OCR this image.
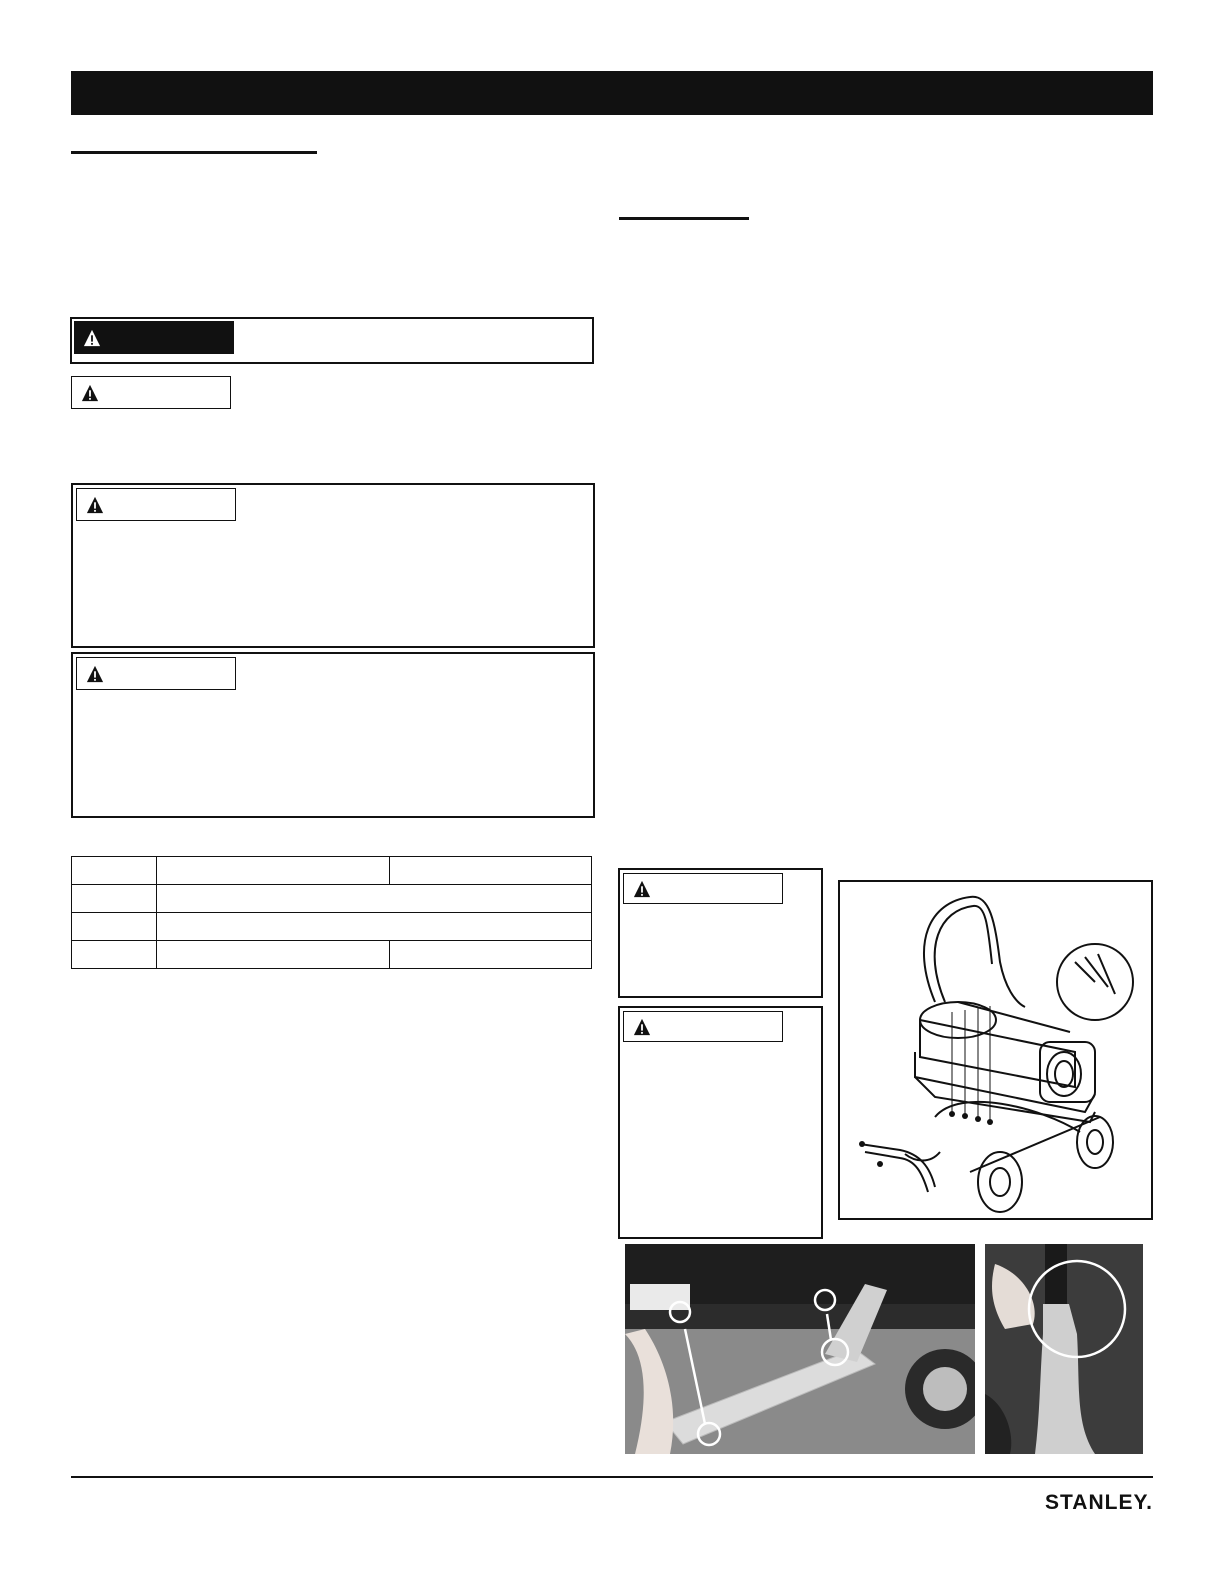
STANLEY.
